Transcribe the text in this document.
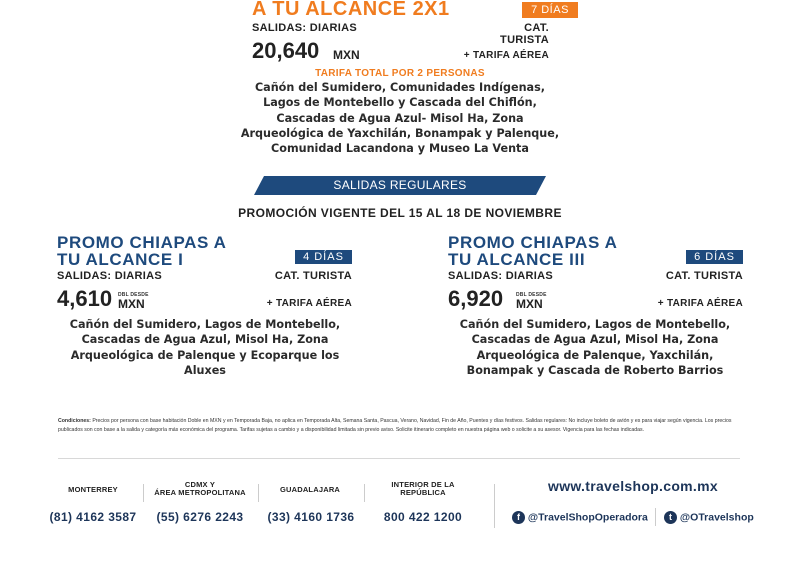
A TU ALCANCE 2X1	7 DÍAS
SALIDAS: DIARIAS	CAT. TURISTA
20,640 MXN	+ TARIFA AÉREA
TARIFA TOTAL POR 2 PERSONAS
Cañón del Sumidero, Comunidades Indígenas,
Lagos de Montebello y Cascada del Chiflón,
Cascadas de Agua Azul- Misol Ha, Zona
Arqueológica de Yaxchilán, Bonampak y Palenque,
Comunidad Lacandona y Museo La Venta
SALIDAS REGULARES
PROMOCIÓN VIGENTE DEL 15 AL 18 DE NOVIEMBRE
PROMO CHIAPAS A
TU ALCANCE I	4 DÍAS
SALIDAS: DIARIAS	CAT. TURISTA
4,610 DBL DESDE
MXN	+ TARIFA AÉREA
Cañón del Sumidero, Lagos de Montebello,
Cascadas de Agua Azul, Misol Ha, Zona
Arqueológica de Palenque y Ecoparque los
Aluxes
PROMO CHIAPAS A
TU ALCANCE III	6 DÍAS
SALIDAS: DIARIAS	CAT. TURISTA
6,920	DBL DESDE
MXN	+ TARIFA AÉREA
Cañón del Sumidero, Lagos de Montebello,
Cascadas de Agua Azul, Misol Ha, Zona
Arqueológica de Palenque, Yaxchilán,
Bonampak y Cascada de Roberto Barrios
Condiciones: Precios por persona con base habitación Doble en MXN y en Temporada Baja, no aplica en Temporada Alta, Semana Santa, Pascua, Verano, Navidad, Fin de Año, Puentes y días festivos. Salidas regulares: No incluye boleto de avión y es para viajar según vigencia. Los precios publicados son con base a la salida y categoría más económica del programa. Tarifas sujetas a cambio y a disponibilidad limitada sin previo aviso. Solicite itinerario completo en nuestra página web o solicite a su asesor. Vigencia para las fechas indicadas.
MONTERREY
(81) 4162 3587
CDMX Y
ÁREA METROPOLITANA
(55) 6276 2243
GUADALAJARA
(33) 4160 1736
INTERIOR DE LA
REPÚBLICA
800 422 1200
www.travelshop.com.mx
f @TravelShopOperadora	t @OTravelshop
